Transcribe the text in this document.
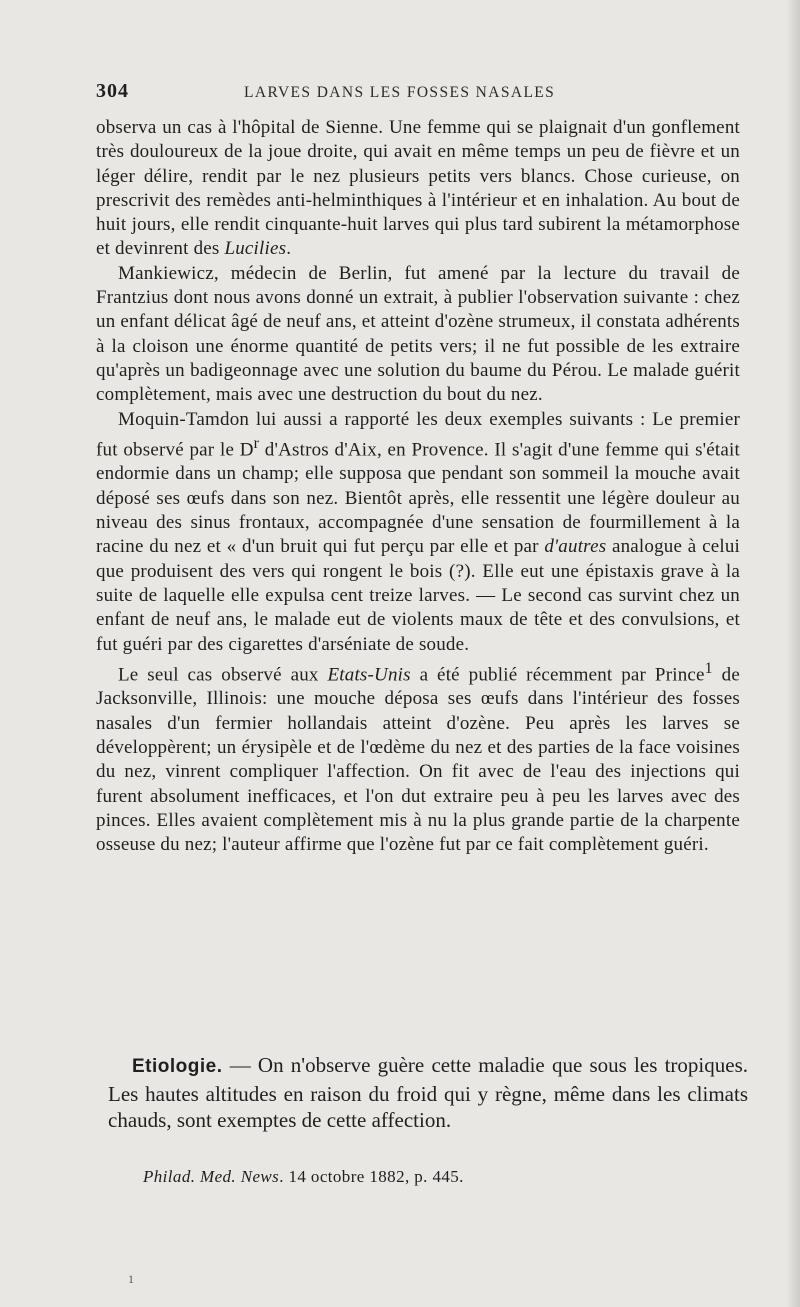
304	LARVES DANS LES FOSSES NASALES

observa un cas à l'hôpital de Sienne. Une femme qui se plaignait d'un gonflement très douloureux de la joue droite, qui avait en même temps un peu de fièvre et un léger délire, rendit par le nez plusieurs petits vers blancs. Chose curieuse, on prescrivit des remèdes anti-helminthiques à l'intérieur et en inhalation. Au bout de huit jours, elle rendit cinquante-huit larves qui plus tard subirent la métamorphose et devinrent des Lucilies.

Mankiewicz, médecin de Berlin, fut amené par la lecture du travail de Frantzius dont nous avons donné un extrait, à publier l'observation suivante : chez un enfant délicat âgé de neuf ans, et atteint d'ozène strumeux, il constata adhérents à la cloison une énorme quantité de petits vers; il ne fut possible de les extraire qu'après un badigeonnage avec une solution du baume du Pérou. Le malade guérit complètement, mais avec une destruction du bout du nez.

Moquin-Tamdon lui aussi a rapporté les deux exemples suivants : Le premier fut observé par le $D^r$ d'Astros d'Aix, en Provence. Il s'agit d'une femme qui s'était endormie dans un champ; elle supposa que pendant son sommeil la mouche avait déposé ses œufs dans son nez. Bientôt après, elle ressentit une légère douleur au niveau des sinus frontaux, accompagnée d'une sensation de fourmillement à la racine du nez et « d'un bruit qui fut perçu par elle et par d'autres analogue à celui que produisent des vers qui rongent le bois (?). Elle eut une épistaxis grave à la suite de laquelle elle expulsa cent treize larves. — Le second cas survint chez un enfant de neuf ans, le malade eut de violents maux de tête et des convulsions, et fut guéri par des cigarettes d'arséniate de soude.

Le seul cas observé aux Etats-Unis a été publié récemment par Prince$^1$ de Jacksonville, Illinois: une mouche déposa ses œufs dans l'intérieur des fosses nasales d'un fermier hollandais atteint d'ozène. Peu après les larves se développèrent; un érysipèle et de l'œdème du nez et des parties de la face voisines du nez, vinrent compliquer l'affection. On fit avec de l'eau des injections qui furent absolument inefficaces, et l'on dut extraire peu à peu les larves avec des pinces. Elles avaient complètement mis à nu la plus grande partie de la charpente osseuse du nez; l'auteur affirme que l'ozène fut par ce fait complètement guéri.

Etiologie. — On n'observe guère cette maladie que sous les tropiques. Les hautes altitudes en raison du froid qui y règne, même dans les climats chauds, sont exemptes de cette affection.
Philad. Med. News. 14 octobre 1882, p. 445.
1
